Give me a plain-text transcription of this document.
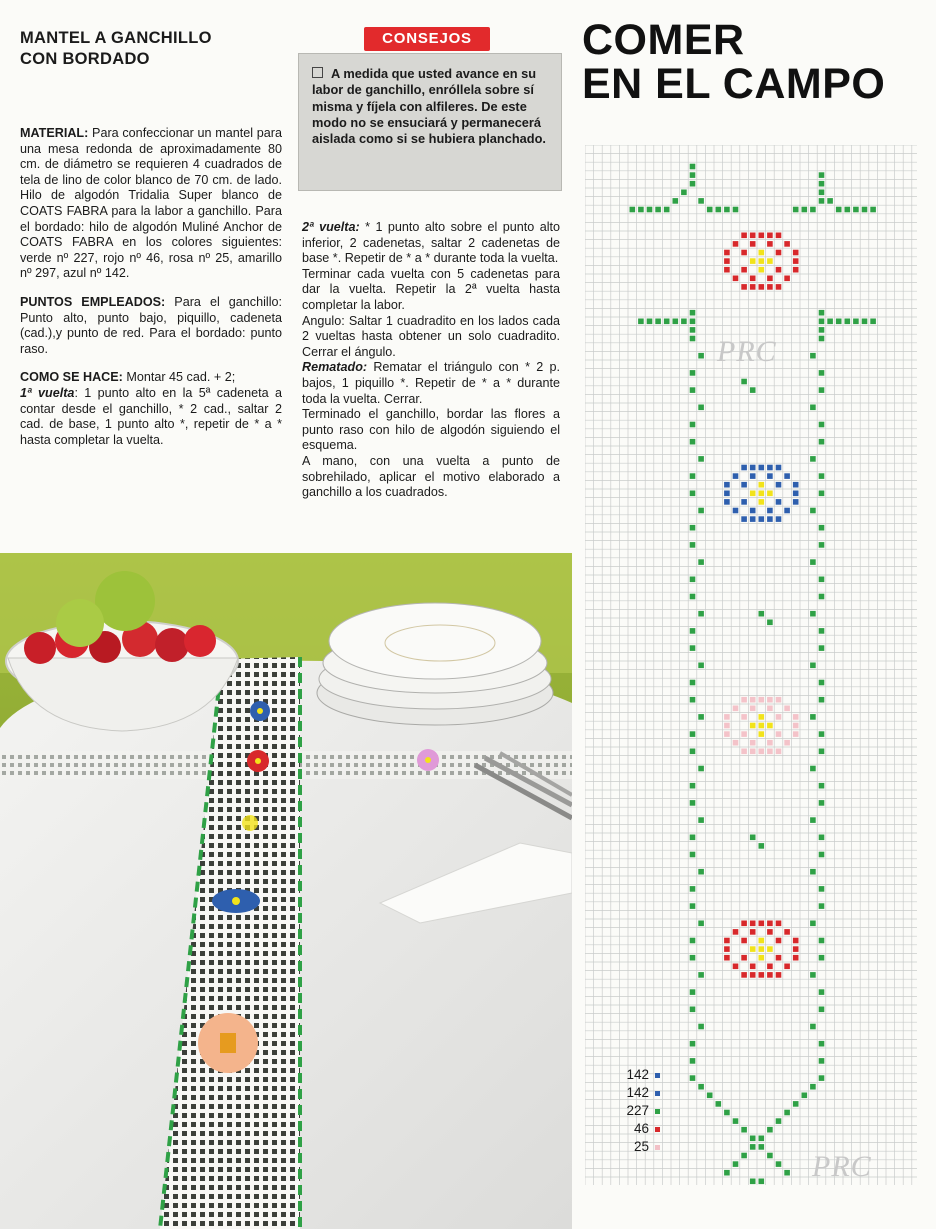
MANTEL A GANCHILLO
CON BORDADO

MATERIAL: Para confeccionar un mantel para una mesa redonda de aproximadamente 80 cm. de diámetro se requieren 4 cuadrados de tela de lino de color blanco de 70 cm. de lado. Hilo de algodón Tridalia Super blanco de COATS FABRA para la labor a ganchillo. Para el bordado: hilo de algodón Muliné Anchor de COATS FABRA en los colores siguientes: verde nº 227, rojo nº 46, rosa nº 25, amarillo nº 297, azul nº 142.

PUNTOS EMPLEADOS: Para el ganchillo: Punto alto, punto bajo, piquillo, cadeneta (cad.),y punto de red. Para el bordado: punto raso.

COMO SE HACE: Montar 45 cad. + 2;
1ª vuelta: 1 punto alto en la 5ª cadeneta a contar desde el ganchillo, * 2 cad., saltar 2 cad. de base, 1 punto alto *, repetir de * a * hasta completar la vuelta.

CONSEJOS
A medida que usted avance en su labor de ganchillo, enróllela sobre sí misma y fíjela con alfileres. De este modo no se ensuciará y permanecerá aislada como si se hubiera planchado.

2ª vuelta: * 1 punto alto sobre el punto alto inferior, 2 cadenetas, saltar 2 cadenetas de base *. Repetir de * a * durante toda la vuelta.

Terminar cada vuelta con 5 cadenetas para dar la vuelta. Repetir la 2ª vuelta hasta completar la labor.

Angulo: Saltar 1 cuadradito en los lados cada 2 vueltas hasta obtener un solo cuadradito. Cerrar el ángulo.

Rematado: Rematar el triángulo con * 2 p. bajos, 1 piquillo *. Repetir de * a * durante toda la vuelta. Cerrar.

Terminado el ganchillo, bordar las flores a punto raso con hilo de algodón siguiendo el esquema.

A mano, con una vuelta a punto de sobrehilado, aplicar el motivo elaborado a ganchillo a los cuadrados.

COMER
EN EL CAMPO
PRC
PRC
142
142
227
46
25
